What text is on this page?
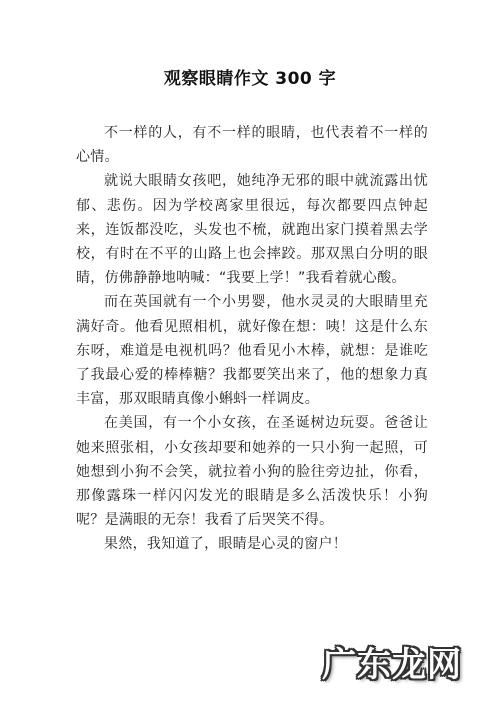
观察眼睛作文 300 字

不一样的人，有不一样的眼睛，也代表着不一样的心情。

就说大眼睛女孩吧，她纯净无邪的眼中就流露出忧郁、悲伤。因为学校离家里很远，每次都要四点钟起来，连饭都没吃，头发也不梳，就跑出家门摸着黑去学校，有时在不平的山路上也会摔跤。那双黑白分明的眼睛，仿佛静静地呐喊：“我要上学！”我看着就心酸。

而在英国就有一个小男婴，他水灵灵的大眼睛里充满好奇。他看见照相机，就好像在想：咦！这是什么东东呀，难道是电视机吗？他看见小木棒，就想：是谁吃了我最心爱的棒棒糖？我都要笑出来了，他的想象力真丰富，那双眼睛真像小蝌蚪一样调皮。

在美国，有一个小女孩，在圣诞树边玩耍。爸爸让她来照张相，小女孩却要和她养的一只小狗一起照，可她想到小狗不会笑，就拉着小狗的脸往旁边扯，你看，那像露珠一样闪闪发光的眼睛是多么活泼快乐！小狗呢？是满眼的无奈！我看了后哭笑不得。

果然，我知道了，眼睛是心灵的窗户！

广东龙网
